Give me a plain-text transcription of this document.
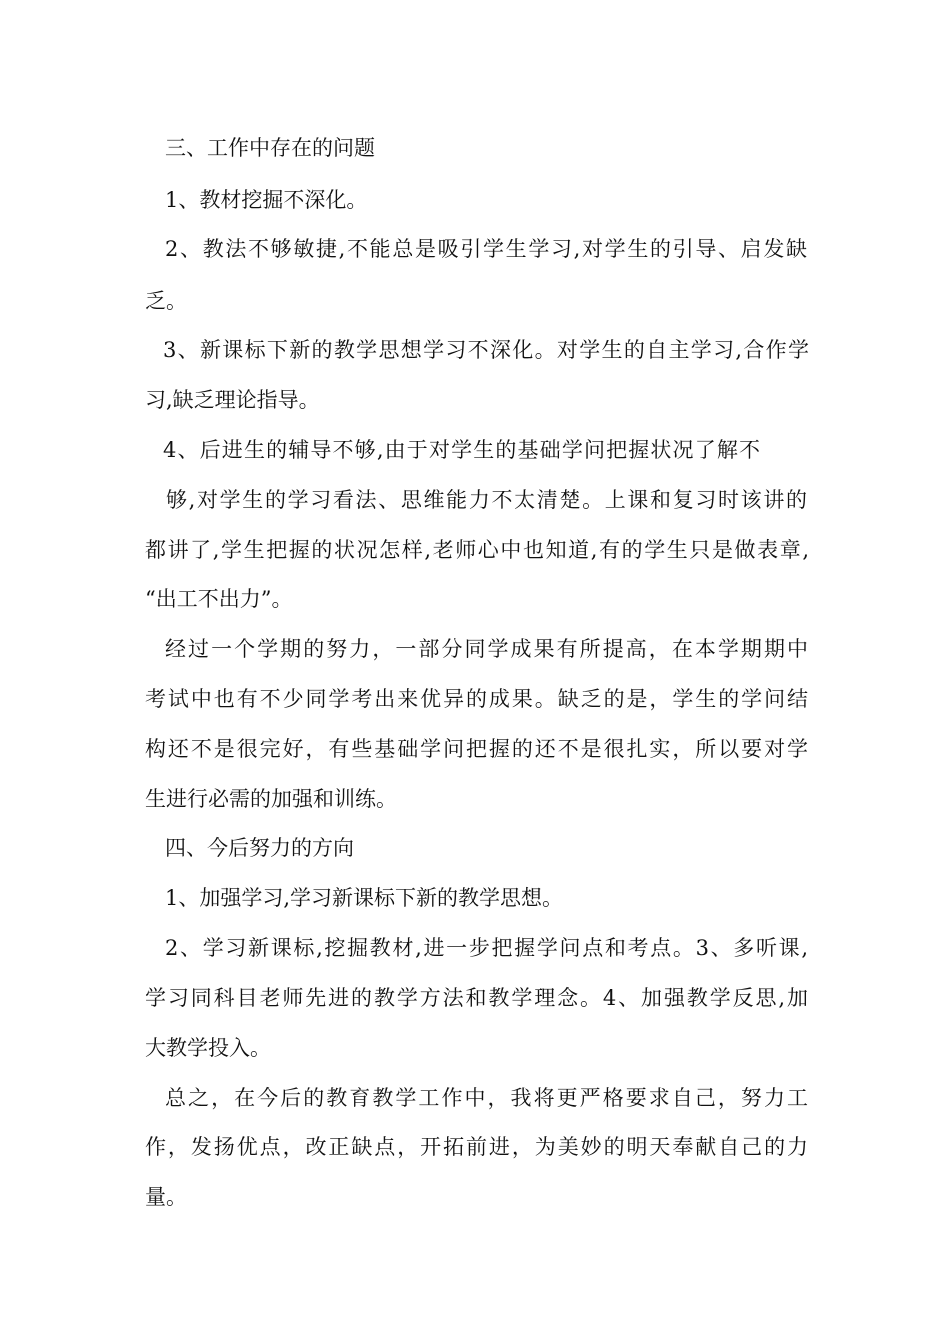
三、工作中存在的问题
1、教材挖掘不深化。
2、教法不够敏捷,不能总是吸引学生学习,对学生的引导、启发缺
乏。
3、新课标下新的教学思想学习不深化。对学生的自主学习,合作学
习,缺乏理论指导。
4、后进生的辅导不够,由于对学生的基础学问把握状况了解不
够,对学生的学习看法、思维能力不太清楚。上课和复习时该讲的
都讲了,学生把握的状况怎样,老师心中也知道,有的学生只是做表章,
“出工不出力”。
经过一个学期的努力，一部分同学成果有所提高，在本学期期中
考试中也有不少同学考出来优异的成果。缺乏的是，学生的学问结
构还不是很完好，有些基础学问把握的还不是很扎实，所以要对学
生进行必需的加强和训练。
四、今后努力的方向
1、加强学习,学习新课标下新的教学思想。
2、学习新课标,挖掘教材,进一步把握学问点和考点。3、多听课,
学习同科目老师先进的教学方法和教学理念。4、加强教学反思,加
大教学投入。
总之，在今后的教育教学工作中，我将更严格要求自己，努力工
作，发扬优点，改正缺点，开拓前进，为美妙的明天奉献自己的力
量。
